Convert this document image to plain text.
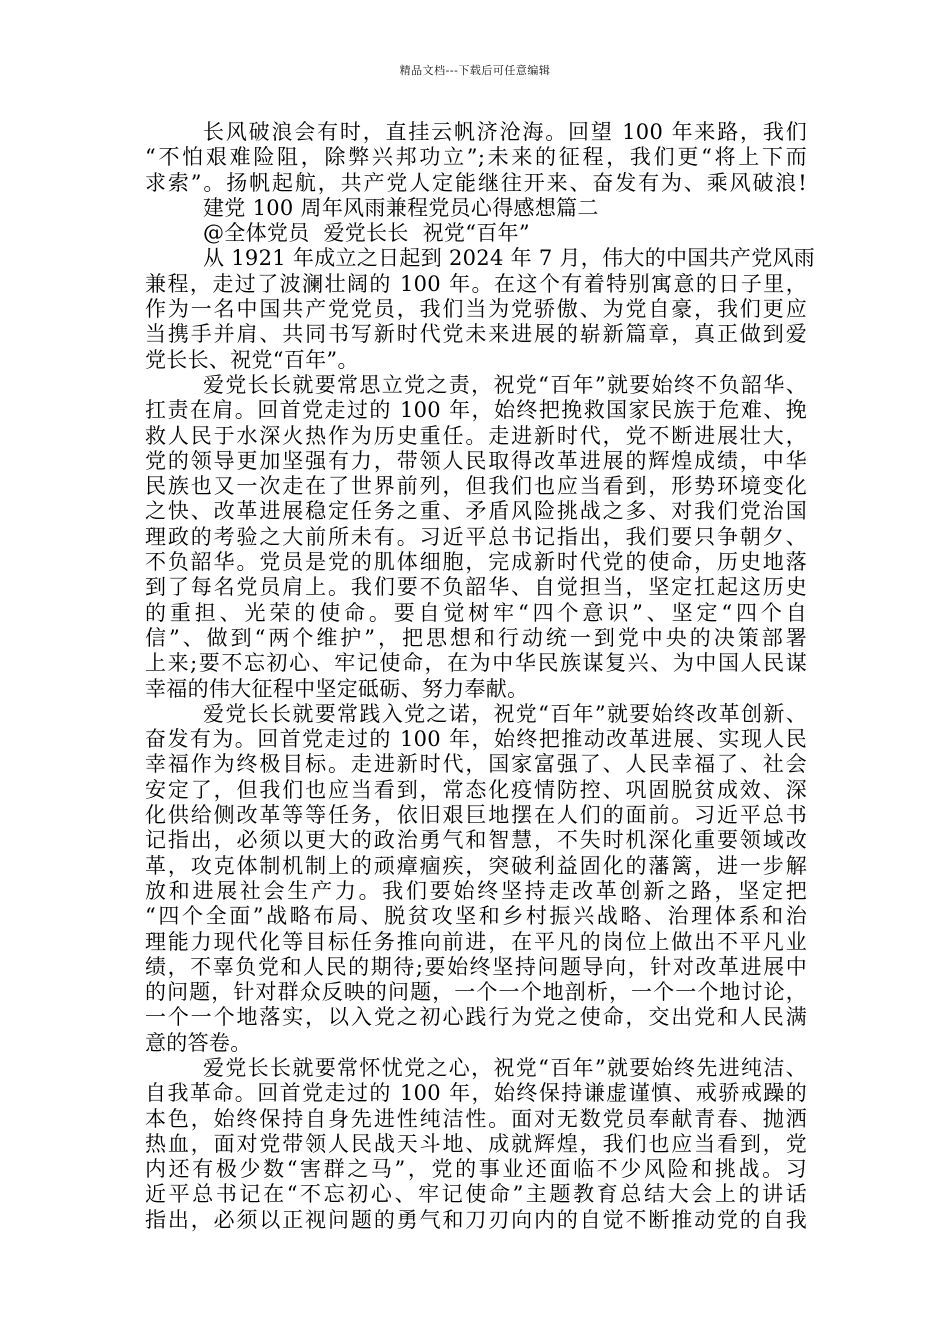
精品文档---下载后可任意编辑
长风破浪会有时，直挂云帆济沧海。回望 100 年来路，我们
“不怕艰难险阻，除弊兴邦功立”;未来的征程，我们更“将上下而
求索”。扬帆起航，共产党人定能继往开来、奋发有为、乘风破浪!
建党 100 周年风雨兼程党员心得感想篇二
@全体党员  爱党长长  祝党“百年”
从 1921 年成立之日起到 2024 年 7 月，伟大的中国共产党风雨
兼程，走过了波澜壮阔的 100 年。在这个有着特别寓意的日子里，
作为一名中国共产党党员，我们当为党骄傲、为党自豪，我们更应
当携手并肩、共同书写新时代党未来进展的崭新篇章，真正做到爱
党长长、祝党“百年”。
爱党长长就要常思立党之责，祝党“百年”就要始终不负韶华、
扛责在肩。回首党走过的 100 年，始终把挽救国家民族于危难、挽
救人民于水深火热作为历史重任。走进新时代，党不断进展壮大，
党的领导更加坚强有力，带领人民取得改革进展的辉煌成绩，中华
民族也又一次走在了世界前列，但我们也应当看到，形势环境变化
之快、改革进展稳定任务之重、矛盾风险挑战之多、对我们党治国
理政的考验之大前所未有。习近平总书记指出，我们要只争朝夕、
不负韶华。党员是党的肌体细胞，完成新时代党的使命，历史地落
到了每名党员肩上。我们要不负韶华、自觉担当，坚定扛起这历史
的重担、光荣的使命。要自觉树牢“四个意识”、坚定“四个自
信”、做到“两个维护”，把思想和行动统一到党中央的决策部署
上来;要不忘初心、牢记使命，在为中华民族谋复兴、为中国人民谋
幸福的伟大征程中坚定砥砺、努力奉献。
爱党长长就要常践入党之诺，祝党“百年”就要始终改革创新、
奋发有为。回首党走过的 100 年，始终把推动改革进展、实现人民
幸福作为终极目标。走进新时代，国家富强了、人民幸福了、社会
安定了，但我们也应当看到，常态化疫情防控、巩固脱贫成效、深
化供给侧改革等等任务，依旧艰巨地摆在人们的面前。习近平总书
记指出，必须以更大的政治勇气和智慧，不失时机深化重要领域改
革，攻克体制机制上的顽瘴痼疾，突破利益固化的藩篱，进一步解
放和进展社会生产力。我们要始终坚持走改革创新之路，坚定把
“四个全面”战略布局、脱贫攻坚和乡村振兴战略、治理体系和治
理能力现代化等目标任务推向前进，在平凡的岗位上做出不平凡业
绩，不辜负党和人民的期待;要始终坚持问题导向，针对改革进展中
的问题，针对群众反映的问题，一个一个地剖析，一个一个地讨论，
一个一个地落实，以入党之初心践行为党之使命，交出党和人民满
意的答卷。
爱党长长就要常怀忧党之心，祝党“百年”就要始终先进纯洁、
自我革命。回首党走过的 100 年，始终保持谦虚谨慎、戒骄戒躁的
本色，始终保持自身先进性纯洁性。面对无数党员奉献青春、抛洒
热血，面对党带领人民战天斗地、成就辉煌，我们也应当看到，党
内还有极少数“害群之马”，党的事业还面临不少风险和挑战。习
近平总书记在“不忘初心、牢记使命”主题教育总结大会上的讲话
指出，必须以正视问题的勇气和刀刃向内的自觉不断推动党的自我
